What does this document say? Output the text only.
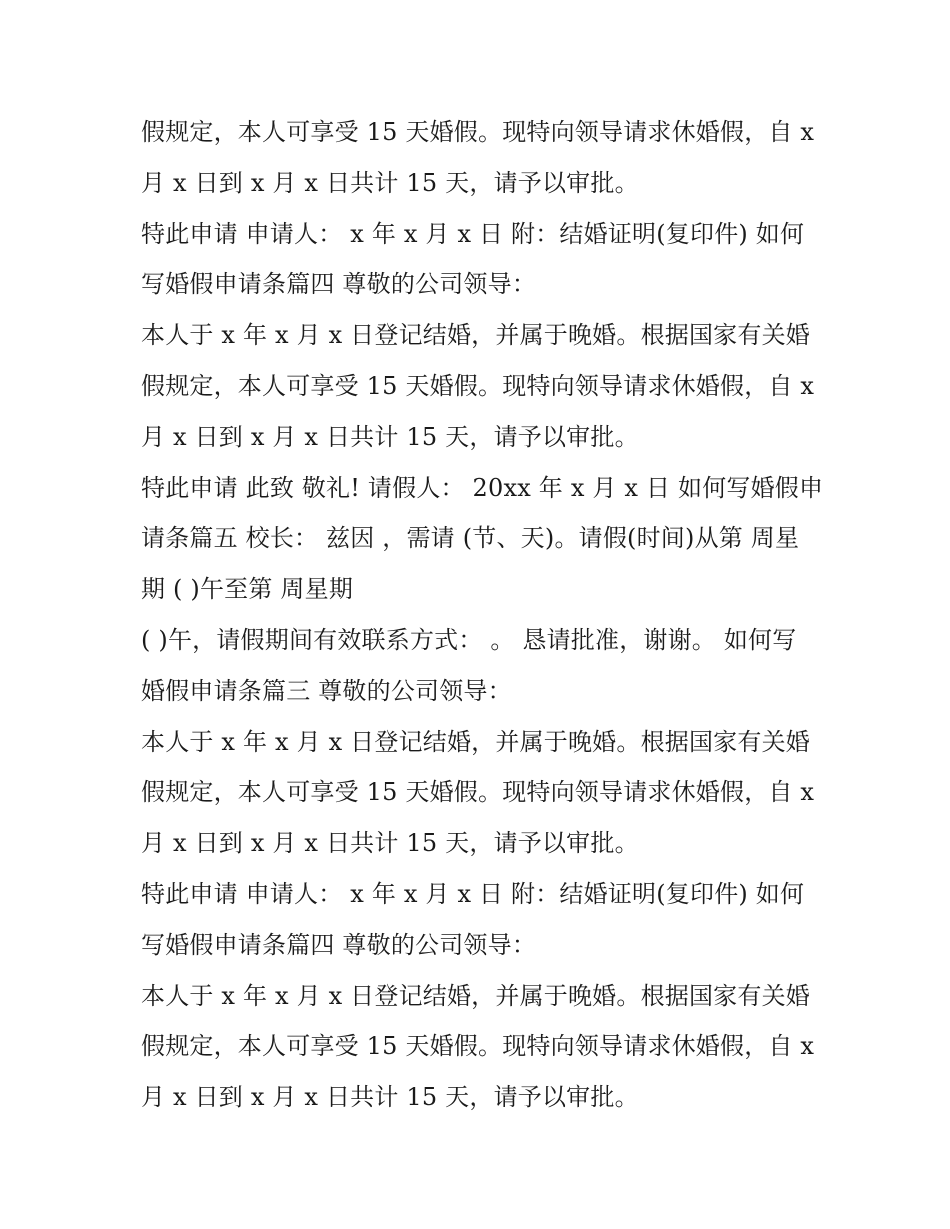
假规定，本人可享受 15 天婚假。现特向领导请求休婚假，自 x
月 x 日到 x 月 x 日共计 15 天，请予以审批。
特此申请 申请人： x 年 x 月 x 日 附：结婚证明(复印件) 如何
写婚假申请条篇四 尊敬的公司领导：
本人于 x 年 x 月 x 日登记结婚，并属于晚婚。根据国家有关婚
假规定，本人可享受 15 天婚假。现特向领导请求休婚假，自 x
月 x 日到 x 月 x 日共计 15 天，请予以审批。
特此申请 此致 敬礼! 请假人： 20xx 年 x 月 x 日 如何写婚假申
请条篇五 校长： 兹因 ，需请 (节、天)。请假(时间)从第 周星
期 ( )午至第 周星期
( )午，请假期间有效联系方式： 。 恳请批准，谢谢。 如何写
婚假申请条篇三 尊敬的公司领导：
本人于 x 年 x 月 x 日登记结婚，并属于晚婚。根据国家有关婚
假规定，本人可享受 15 天婚假。现特向领导请求休婚假，自 x
月 x 日到 x 月 x 日共计 15 天，请予以审批。
特此申请 申请人： x 年 x 月 x 日 附：结婚证明(复印件) 如何
写婚假申请条篇四 尊敬的公司领导：
本人于 x 年 x 月 x 日登记结婚，并属于晚婚。根据国家有关婚
假规定，本人可享受 15 天婚假。现特向领导请求休婚假，自 x
月 x 日到 x 月 x 日共计 15 天，请予以审批。
